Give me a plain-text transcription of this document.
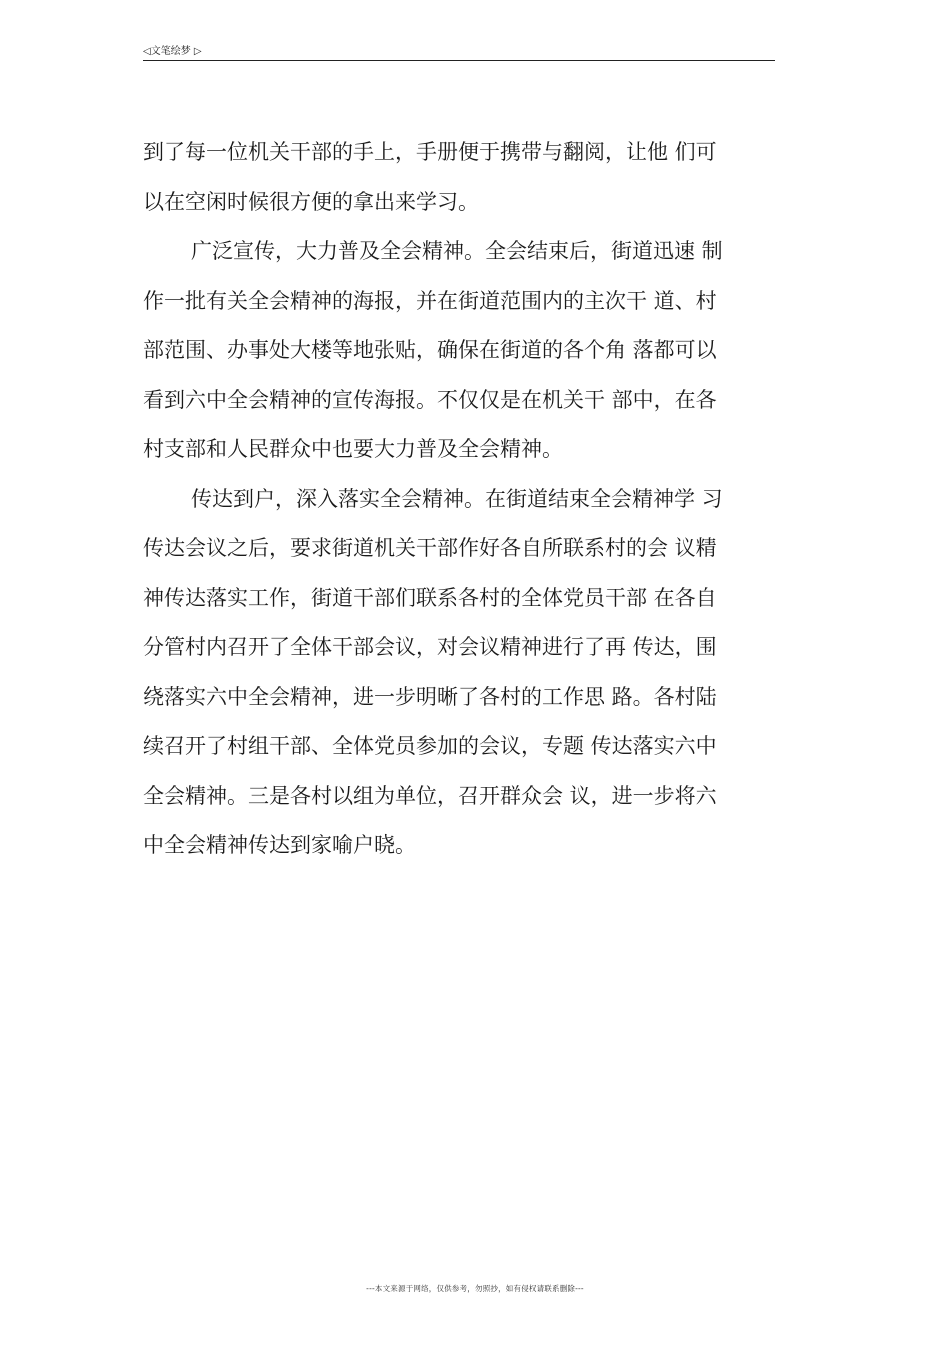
◁文笔绘梦 ▷
到了每一位机关干部的手上，手册便于携带与翻阅，让他 们可
以在空闲时候很方便的拿出来学习。
广泛宣传，大力普及全会精神。全会结束后，街道迅速 制
作一批有关全会精神的海报，并在街道范围内的主次干 道、村
部范围、办事处大楼等地张贴，确保在街道的各个角 落都可以
看到六中全会精神的宣传海报。不仅仅是在机关干 部中，在各
村支部和人民群众中也要大力普及全会精神。
传达到户，深入落实全会精神。在街道结束全会精神学 习
传达会议之后，要求街道机关干部作好各自所联系村的会 议精
神传达落实工作，街道干部们联系各村的全体党员干部 在各自
分管村内召开了全体干部会议，对会议精神进行了再 传达，围
绕落实六中全会精神，进一步明晰了各村的工作思 路。各村陆
续召开了村组干部、全体党员参加的会议，专题 传达落实六中
全会精神。三是各村以组为单位，召开群众会 议，进一步将六
中全会精神传达到家喻户晓。
---本文来源于网络，仅供参考，勿照抄，如有侵权请联系删除---
